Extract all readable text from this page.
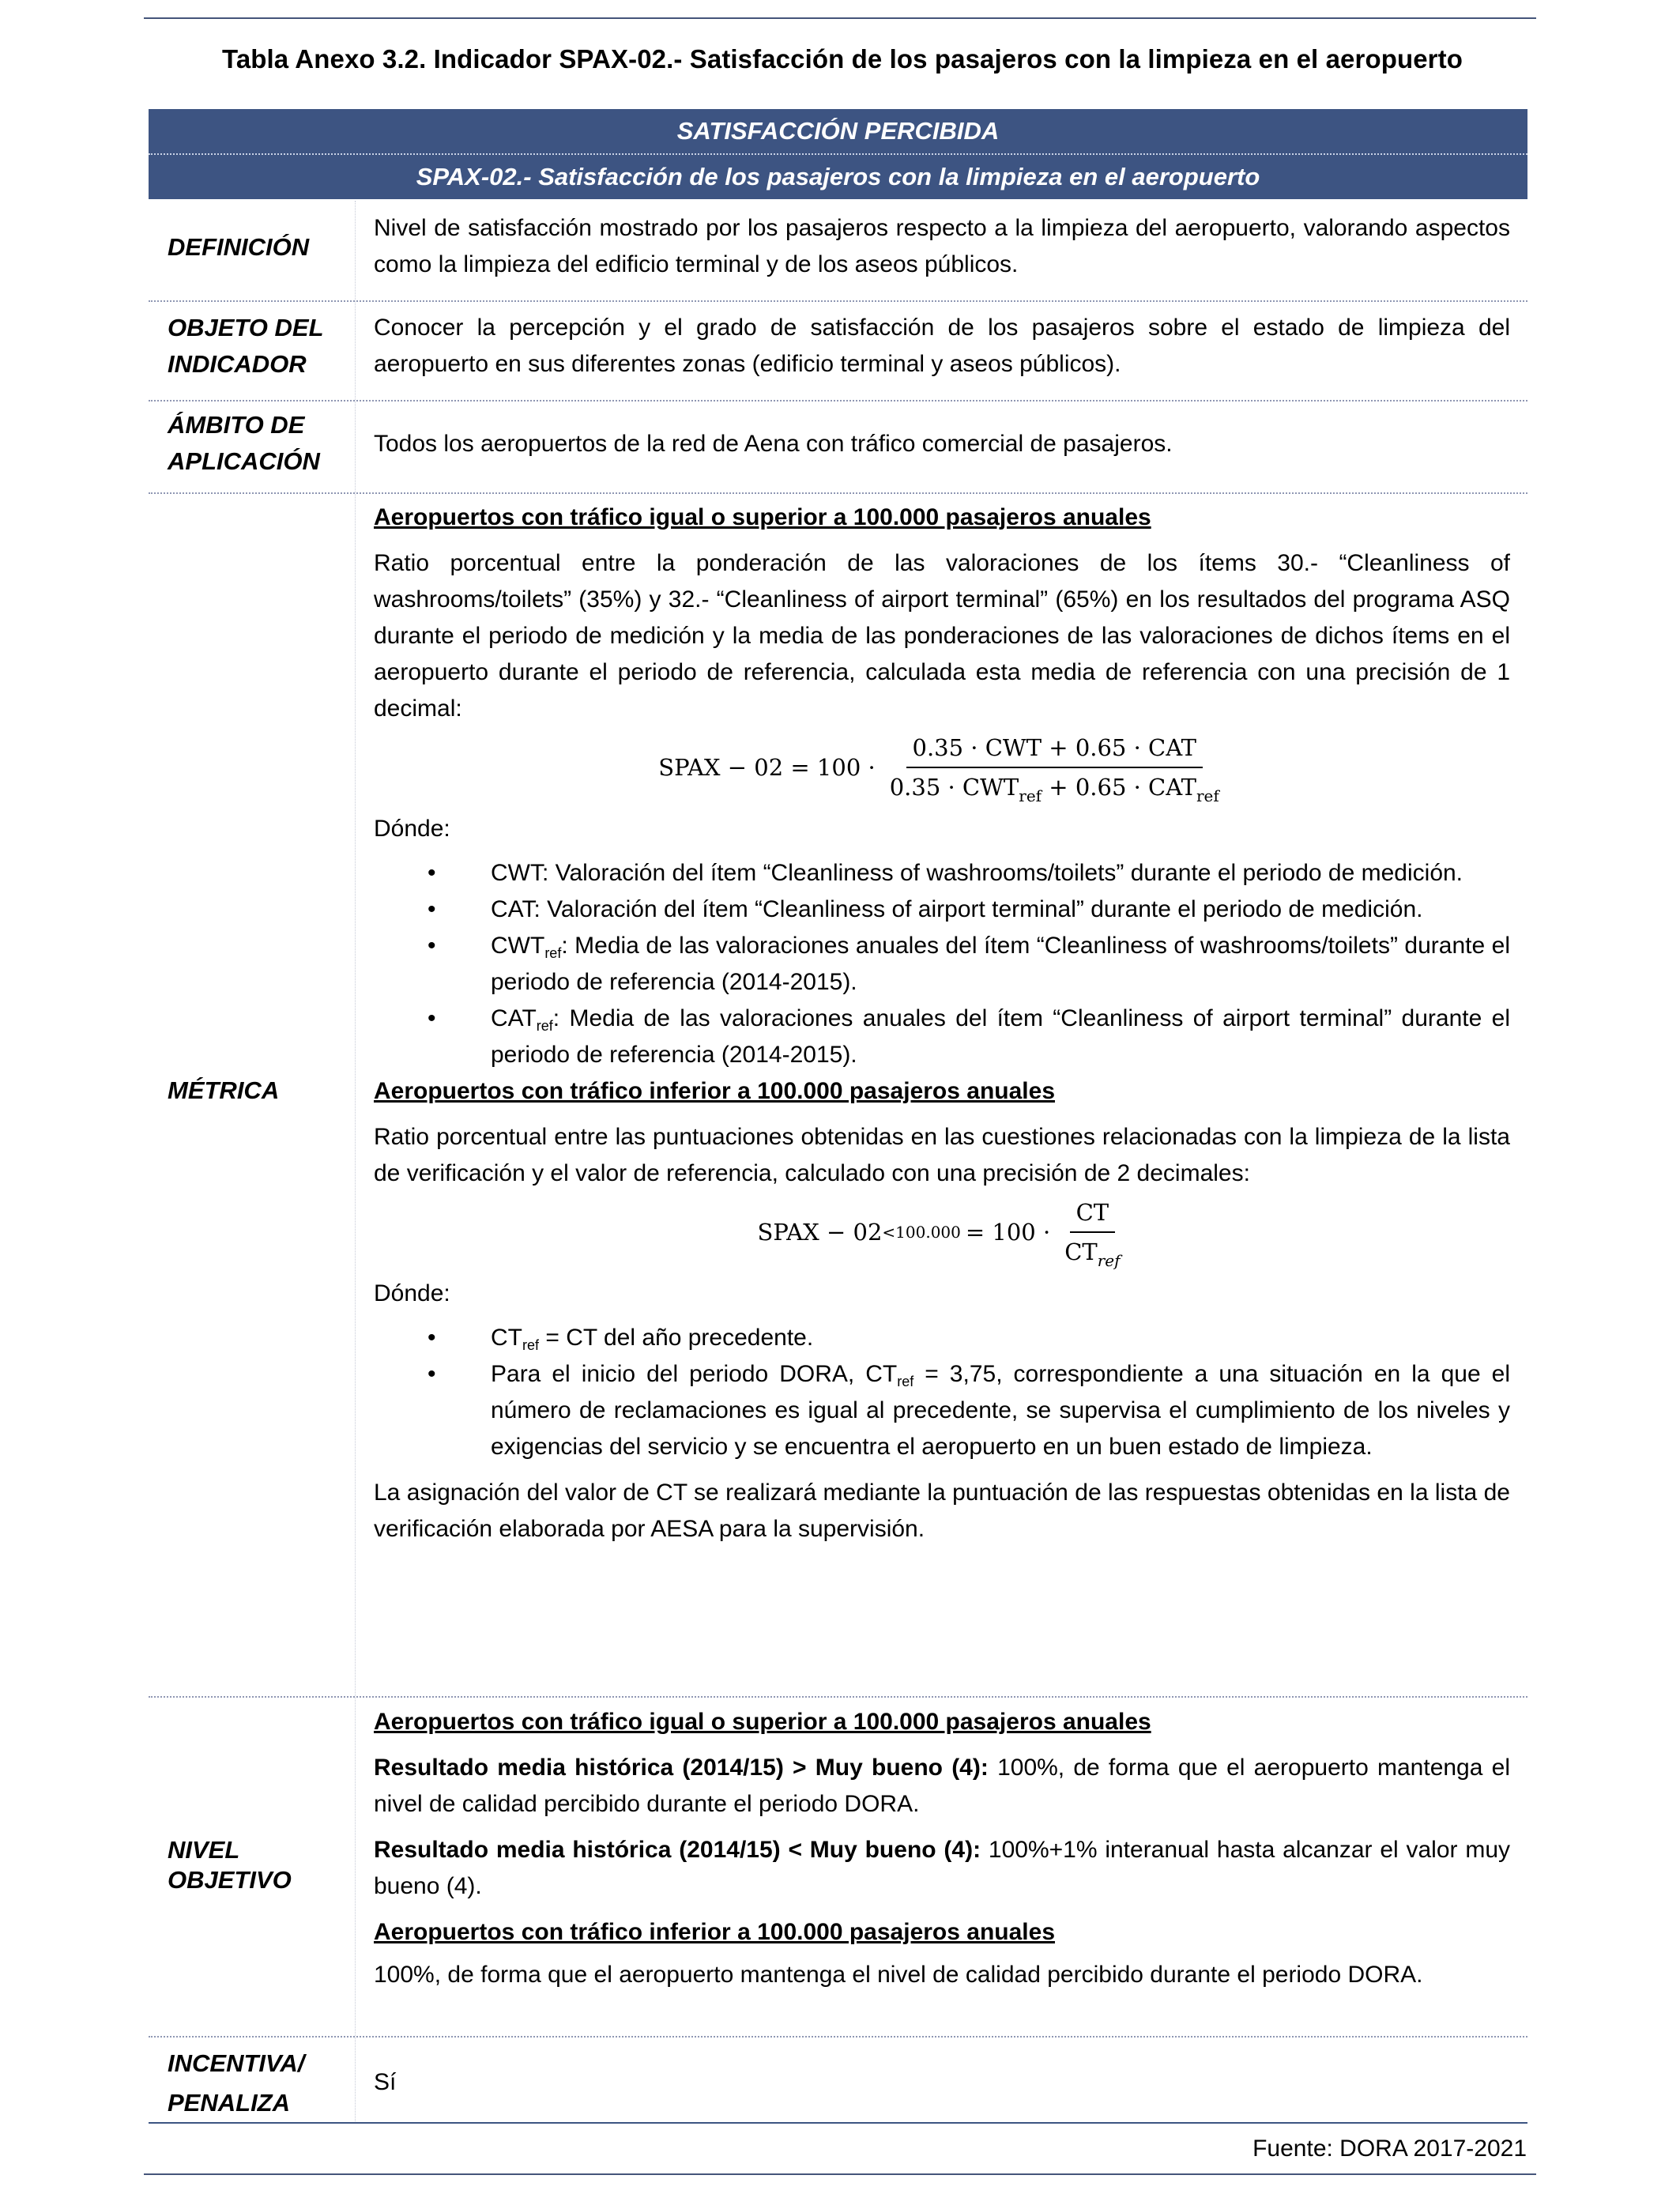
Tabla Anexo 3.2. Indicador SPAX-02.- Satisfacción de los pasajeros con la limpieza en el aeropuerto
SATISFACCIÓN PERCIBIDA
SPAX-02.- Satisfacción de los pasajeros con la limpieza en el aeropuerto
DEFINICIÓN
Nivel de satisfacción mostrado por los pasajeros respecto a la limpieza del aeropuerto, valorando aspectos como la limpieza del edificio terminal y de los aseos públicos.
OBJETO DEL
INDICADOR
Conocer la percepción y el grado de satisfacción de los pasajeros sobre el estado de limpieza del aeropuerto en sus diferentes zonas (edificio terminal y aseos públicos).
ÁMBITO DE
APLICACIÓN
Todos los aeropuertos de la red de Aena con tráfico comercial de pasajeros.
MÉTRICA

Aeropuertos con tráfico igual o superior a 100.000 pasajeros anuales

Ratio porcentual entre la ponderación de las valoraciones de los ítems 30.- “Cleanliness of washrooms/toilets” (35%) y 32.- “Cleanliness of airport terminal” (65%) en los resultados del programa ASQ durante el periodo de medición y la media de las ponderaciones de las valoraciones de dichos ítems en el aeropuerto durante el periodo de referencia, calculada esta media de referencia con una precisión de 1 decimal:

SPAX − $02 = 100 \cdot \frac{\text{0.35 · CWT + 0.65 · CAT}}{0.35 \cdot CWT_{ref} + 0.65 \cdot CAT_{ref}}$

Dónde:

• CWT: Valoración del ítem “Cleanliness of washrooms/toilets” durante el periodo de medición.
• CAT: Valoración del ítem “Cleanliness of airport terminal” durante el periodo de medición.
• $CWT_{ref}$: Media de las valoraciones anuales del ítem “Cleanliness of washrooms/toilets” durante el periodo de referencia (2014-2015).
• $CAT_{ref}$: Media de las valoraciones anuales del ítem “Cleanliness of airport terminal” durante el periodo de referencia (2014-2015).

Aeropuertos con tráfico inferior a 100.000 pasajeros anuales

Ratio porcentual entre las puntuaciones obtenidas en las cuestiones relacionadas con la limpieza de la lista de verificación y el valor de referencia, calculado con una precisión de 2 decimales:

SPAX − $02 <100.000 = 100 \cdot \frac{CT}{CT_{ref}}$

Dónde:

• $CT_{ref}$ = CT del año precedente.
• Para el inicio del periodo DORA, $CT_{ref} = 3,75$, correspondiente a una situación en la que el número de reclamaciones es igual al precedente, se supervisa el cumplimiento de los niveles y exigencias del servicio y se encuentra el aeropuerto en un buen estado de limpieza.

La asignación del valor de CT se realizará mediante la puntuación de las respuestas obtenidas en la lista de verificación elaborada por AESA para la supervisión.

NIVEL
OBJETIVO

Aeropuertos con tráfico igual o superior a 100.000 pasajeros anuales

Resultado media histórica (2014/15) > Muy bueno (4): 100%, de forma que el aeropuerto mantenga el nivel de calidad percibido durante el periodo DORA.

Resultado media histórica (2014/15) < Muy bueno (4): 100%+1% interanual hasta alcanzar el valor muy bueno (4).

Aeropuertos con tráfico inferior a 100.000 pasajeros anuales

100%, de forma que el aeropuerto mantenga el nivel de calidad percibido durante el periodo DORA.

INCENTIVA/
PENALIZA
Sí
Fuente: DORA 2017-2021
